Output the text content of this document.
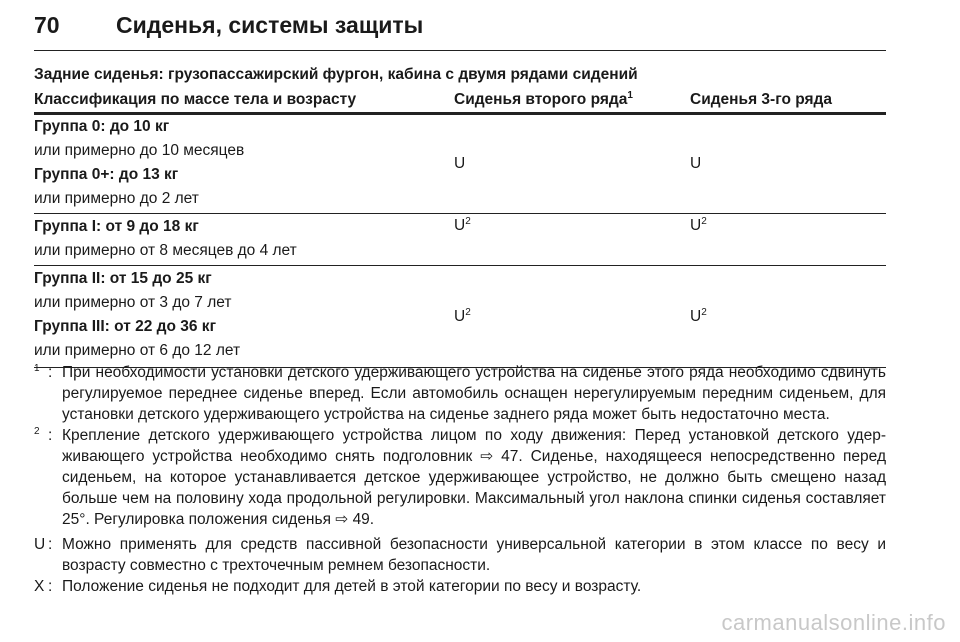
70 Сиденья, системы защиты
Задние сиденья: грузопассажирский фургон, кабина с двумя рядами сидений
Классификация по массе тела и возрасту	Сиденья второго ряда$^1$	Сиденья 3-го ряда

Группа 0: до 10 кг
или примерно до 10 месяцев
Группа 0+: до 13 кг
или примерно до 2 лет	U	U

Группа I: от 9 до 18 кг
или примерно от 8 месяцев до 4 лет	$U^2$	$U^2$

Группа II: от 15 до 25 кг
или примерно от 3 до 7 лет
Группа III: от 22 до 36 кг
или примерно от 6 до 12 лет	$U^2$	$U^2$
1 : При необходимости установки детского удерживающего устройства на сиденье этого ряда необходимо сдвинуть регулируемое переднее сиденье вперед. Если автомобиль оснащен нерегулируемым передним сиденьем, для установки детского удерживающего устройства на сиденье заднего ряда может быть недостаточно места.
2 : Крепление детского удерживающего устройства лицом по ходу движения: Перед установкой детского удерживающего устройства необходимо снять подголовник ⇨ 47. Сиденье, находящееся непосредственно перед сиденьем, на которое устанавливается детское удерживающее устройство, не должно быть смещено назад больше чем на половину хода продольной регулировки. Максимальный угол наклона спинки сиденья составляет 25°. Регулировка положения сиденья ⇨ 49.
U : Можно применять для средств пассивной безопасности универсальной категории в этом классе по весу и возрасту совместно с трехточечным ремнем безопасности.
X : Положение сиденья не подходит для детей в этой категории по весу и возрасту.
carmanualsonline.info
